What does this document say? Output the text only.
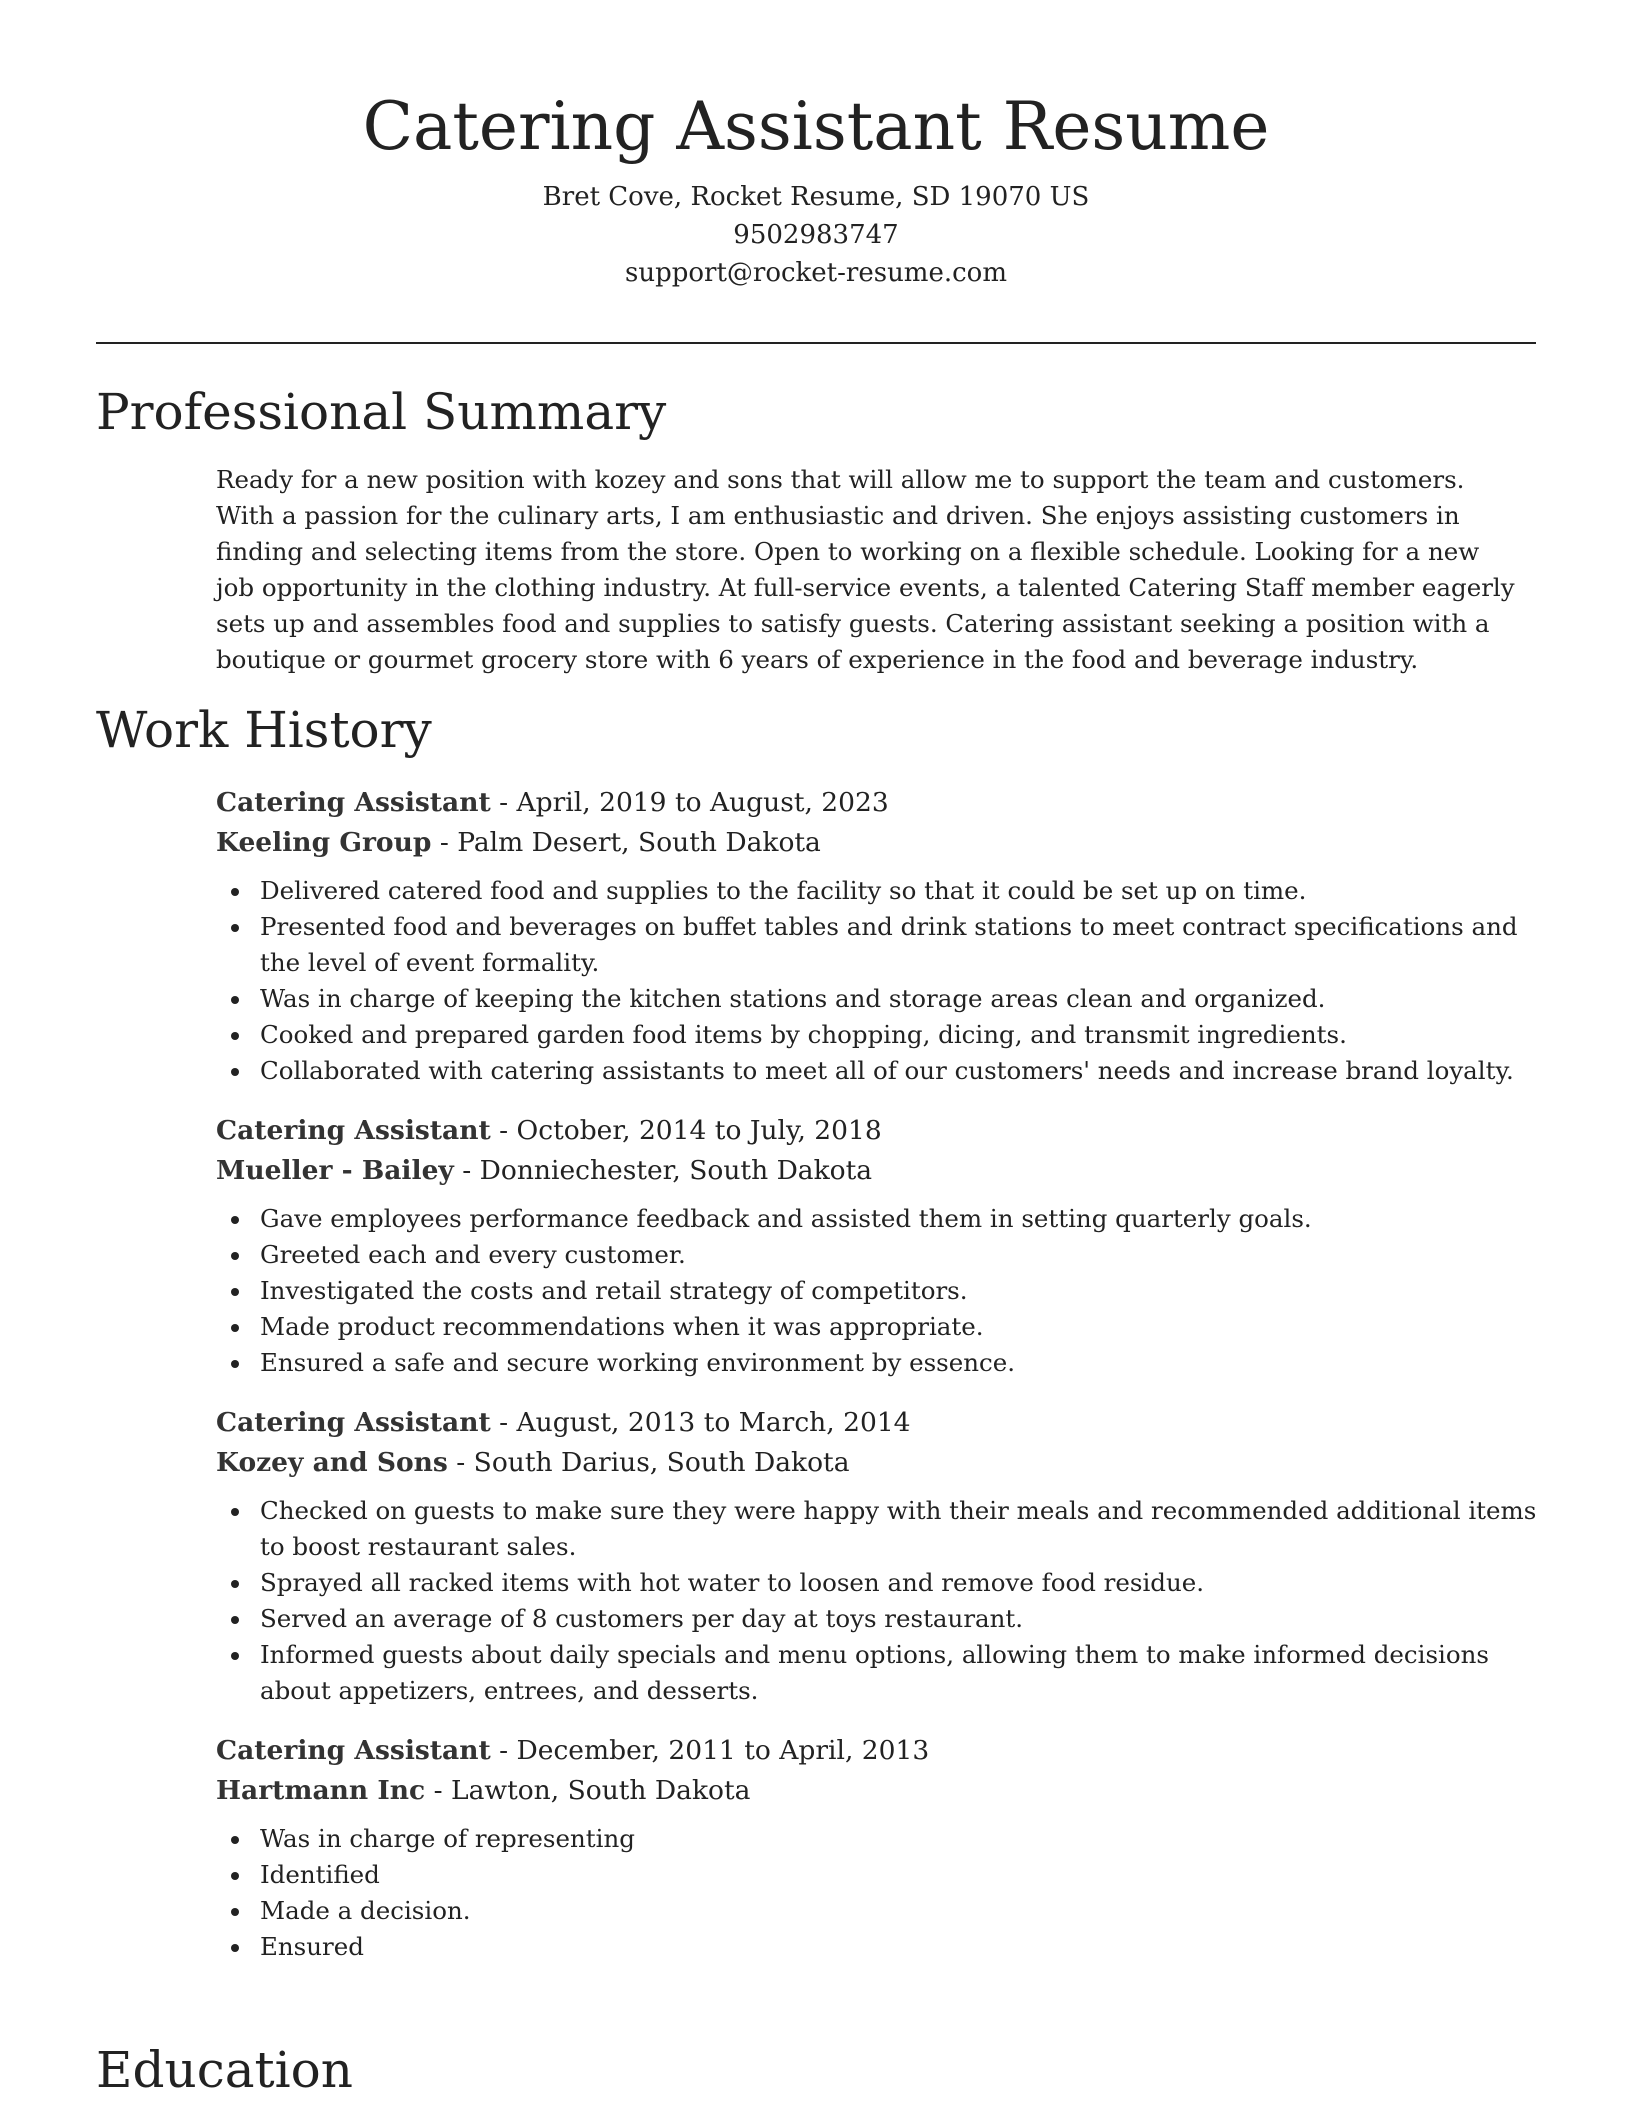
Catering Assistant Resume
Bret Cove, Rocket Resume, SD 19070 US
9502983747
support@rocket-resume.com
Professional Summary

Ready for a new position with kozey and sons that will allow me to support the team and customers. With a passion for the culinary arts, I am enthusiastic and driven. She enjoys assisting customers in finding and selecting items from the store. Open to working on a flexible schedule. Looking for a new job opportunity in the clothing industry. At full-service events, a talented Catering Staff member eagerly sets up and assembles food and supplies to satisfy guests. Catering assistant seeking a position with a boutique or gourmet grocery store with 6 years of experience in the food and beverage industry.

Work History

Catering Assistant - April, 2019 to August, 2023

Keeling Group - Palm Desert, South Dakota

Delivered catered food and supplies to the facility so that it could be set up on time.
Presented food and beverages on buffet tables and drink stations to meet contract specifications and the level of event formality.
Was in charge of keeping the kitchen stations and storage areas clean and organized.
Cooked and prepared garden food items by chopping, dicing, and transmit ingredients.
Collaborated with catering assistants to meet all of our customers' needs and increase brand loyalty.

Catering Assistant - October, 2014 to July, 2018

Mueller - Bailey - Donniechester, South Dakota

Gave employees performance feedback and assisted them in setting quarterly goals.
Greeted each and every customer.
Investigated the costs and retail strategy of competitors.
Made product recommendations when it was appropriate.
Ensured a safe and secure working environment by essence.

Catering Assistant - August, 2013 to March, 2014

Kozey and Sons - South Darius, South Dakota

Checked on guests to make sure they were happy with their meals and recommended additional items to boost restaurant sales.
Sprayed all racked items with hot water to loosen and remove food residue.
Served an average of 8 customers per day at toys restaurant.
Informed guests about daily specials and menu options, allowing them to make informed decisions about appetizers, entrees, and desserts.

Catering Assistant - December, 2011 to April, 2013

Hartmann Inc - Lawton, South Dakota

Was in charge of representing
Identified
Made a decision.
Ensured
Education
